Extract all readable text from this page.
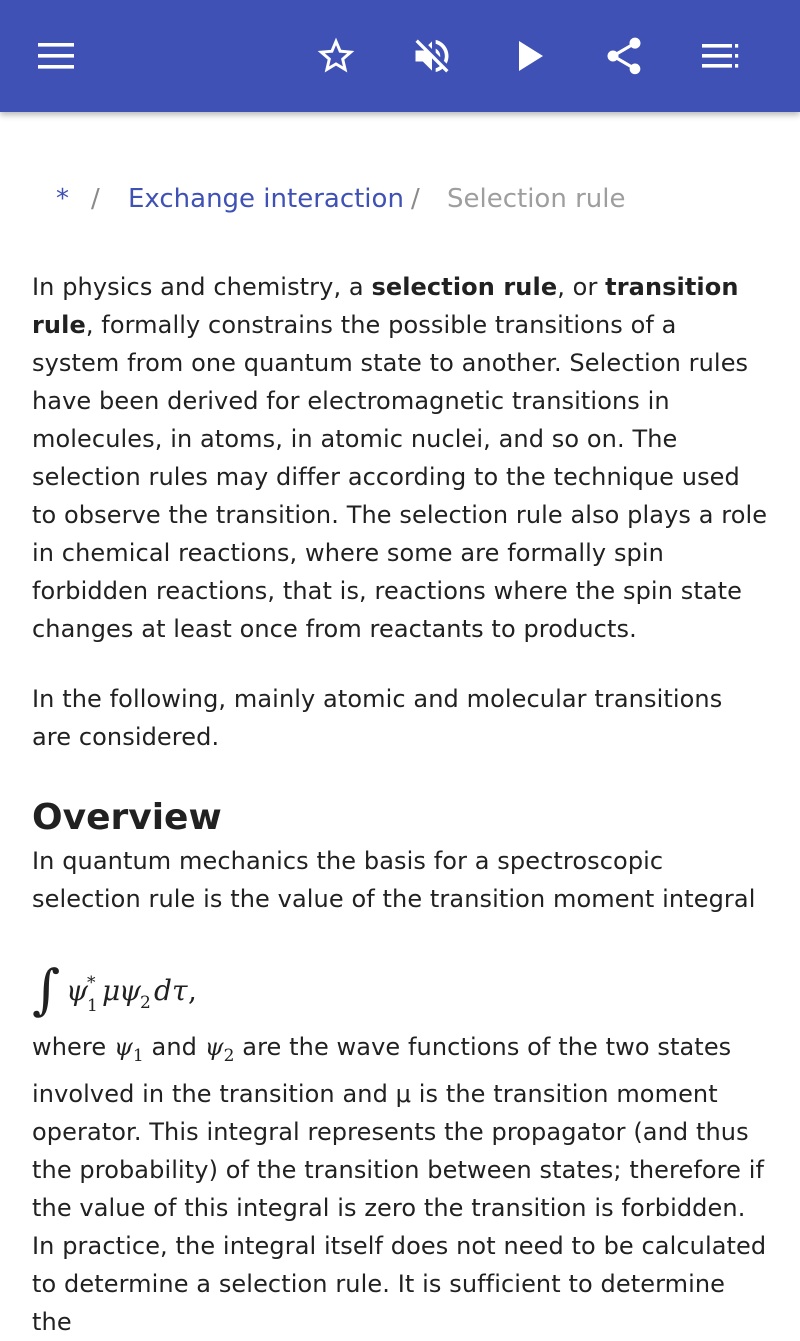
* / Exchange interaction / Selection rule

In physics and chemistry, a selection rule, or transition rule, formally constrains the possible transitions of a system from one quantum state to another. Selection rules have been derived for electromagnetic transitions in molecules, in atoms, in atomic nuclei, and so on. The selection rules may differ according to the technique used to observe the transition. The selection rule also plays a role in chemical reactions, where some are formally spin forbidden reactions, that is, reactions where the spin state changes at least once from reactants to products.

In the following, mainly atomic and molecular transitions are considered.

Overview

In quantum mechanics the basis for a spectroscopic selection rule is the value of the transition moment integral

∫ ψ *
1 μ
ψ 2 d τ ,

where $\psi_1$ and $\psi_2$ are the wave functions of the two states involved in the transition and μ is the transition moment operator. This integral represents the propagator (and thus the probability) of the transition between states; therefore if the value of this integral is zero the transition is forbidden. In practice, the integral itself does not need to be calculated to determine a selection rule. It is sufficient to determine the
